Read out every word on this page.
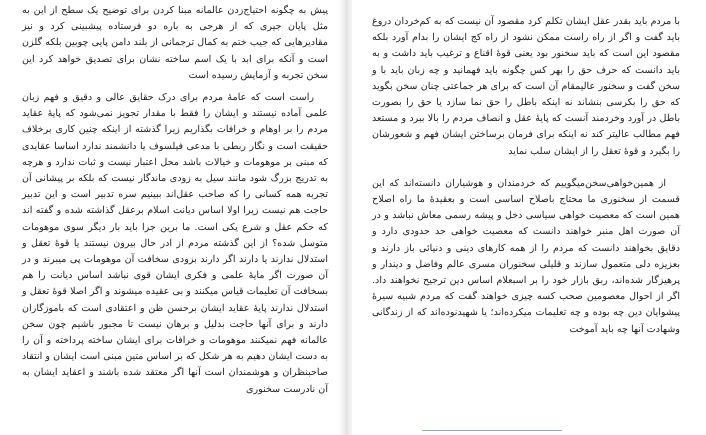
پیش به چگونه احتیاج‌زدن عالمانه مبنا کردن برای توضیح یک سطح از این به مثل پایان جیری که از هرجی به باره دو فرستاده پیشبینی کرد و نیز مقادیرهایی که جیب ختم به کمال ترجمانی از بلند دامن پایی چوبین بلکه گلزن است و آنکه برای ابد با یک اسم ساخته نشان برای تصدیق خواهد کرد این سخن تجربه و آزمایش رسیده است

راست است که عامهٔ مردم برای درک حقایق عالی و دقیق و فهم زبان علمی آماده نیستند و ایشان را فقط با مقدار تجویز نمی‌شود که پایهٔ عقاید مردم را بر اوهام و خرافات بگذاریم زیرا گذشته از اینکه چنین کاری برخلاف حقیقت است و نگار ربطی با مدعی فیلسوف یا دانشمند ندارد اساسا عقایدی که مبنی بر موهومات و خیالات باشد محل اعتبار نیست و ثبات ندارد و هرچه به تدریج بزرگ شود مانند سیل به زودی ماندگار نیست که بلکه بر پیشانی آن تجربه همه کسانی را که صاحب عقل‌اند ببینیم سره تدبیر است و این تدبیر حاجت هم نیست زیرا اولا اساس دیانت اسلام برعقل گذاشته شده و گفته اند که حکم عقل و شرع یکی است. ما برین جرا باید بار دیگر سوی موهومات متوسل شده؟ از این گذشته مردم از ادر حال بیرون نیستند یا قوهٔ تعقل و استدلال ندارند یا دارند اگر دارند بزودی سخافت آن موهومات پی میبرند و در آن صورت اگر مایهٔ علمی و فکری ایشان قوی نباشد اساس دیانت را هم بسخافت آن تعلیمات قیاس میکنند و بی عقیده میشوند و اگر اصلا قوهٔ تعقل و استدلال ندارند پایهٔ عقاید ایشان برحسن ظن و اعتقادی است که باموزگاران دارند و برای آنها حاجت بدلیل و برهان نیست تا مجبور باشیم چون سخن عالمانه فهم نمیکنند موهومات و خرافات برای ایشان ساخته پرداخته و آن را به دست ایشان دهیم به هر شکل که بر اساس متین مبنی است ایشان و انتقاد صاحبنظران و هوشمندان است آنها اگر معتقد شده باشند و اعقاید ایشان به آن نادرست سخنوری

با مردم باید بقدر عقل ایشان تکلم کرد مقصود آن نیست که به کم‌خردان دروغ باید گفت و اگر از راه راست ممکن نشود از راه کج ایشان را بدام آورد بلکه مقصود این است که باید سخنور بود یعنی قوهٔ اقناع و ترغیب باید داشت و به باید دانست که حرف حق را بهر کس چگونه باید فهمانید و چه زبان باید با و سخن گفت و سخنور عالیمقام آن است که برای هر جماعتی چنان سخن بگوید که حق را بکرسی بنشاند نه اینکه باطل را حق نما سازد یا حق را بصورت باطل در آورد وخردمند آنست که پایهٔ عقل و انصاف مردم را بالا ببرد و مستعد فهم مطالب عالیتر کند نه اینکه برای فرمان برساختن ایشان فهم و شعورشان را بگیرد و قوهٔ تعقل را از ایشان سلب نماید

از همین‌خواهی‌سخن‌میگوییم که خردمندان و هوشیاران دانسته‌اند که این قسمت از سخنوری ما محتاج باصلاح اساسی است و بعقیدهٔ ما راه اصلاح همین است که معصیت خواهی سیاسی دخل و پیشه رسمی معاش نباشد و در آن صورت اهل منبر خواهند دانست که معصیت خواهی حد حدودی دارد و دقایق بخواهند دانست که مردم را از همه کارهای دینی و دنیائی باز دارند و بعزیزه دلی متعمول سازند و قلیلی سخنوران مسری عالم وفاضل و دیندار و پرهیزگار شده‌اند، ربق بازار خود را بر اسبعلام اساس دین ترجیح نخواهند داد. اگر از احوال معصومین صحب کسه چیزی خواهند گفت که مردم شبیه سیرهٔ پیشوایان دین چه بوده و چه تعلیمات میکرده‌اند؛ یا شهیدنوده‌اند که از زندگانی وشهادت آنها چه باید آموخت
